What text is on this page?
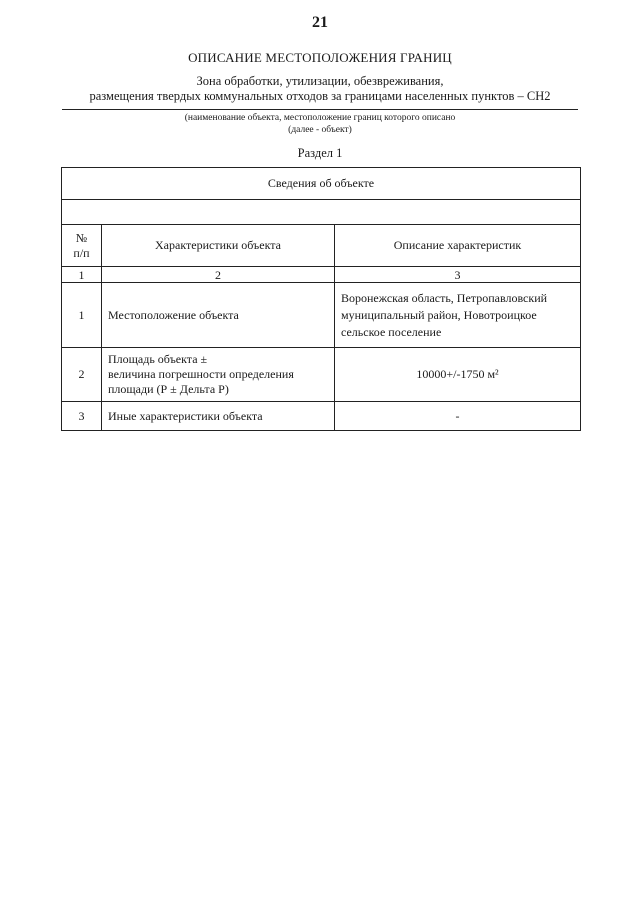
21
ОПИСАНИЕ МЕСТОПОЛОЖЕНИЯ ГРАНИЦ
Зона обработки, утилизации, обезвреживания,
размещения твердых коммунальных отходов за границами населенных пунктов – СН2
(наименование объекта, местоположение границ которого описано
(далее - объект)
Раздел 1
Сведения об объекте		

№
п/п	Характеристики объекта	Описание характеристик
1	2	3
1	Местоположение объекта	Воронежская область, Петропавловский
муниципальный район, Новотроицкое
сельское поселение

2	Площадь объекта ±
величина погрешности определения
площади (Р ± Дельта Р)	10000+/-1750 м²
3	Иные характеристики объекта	-
